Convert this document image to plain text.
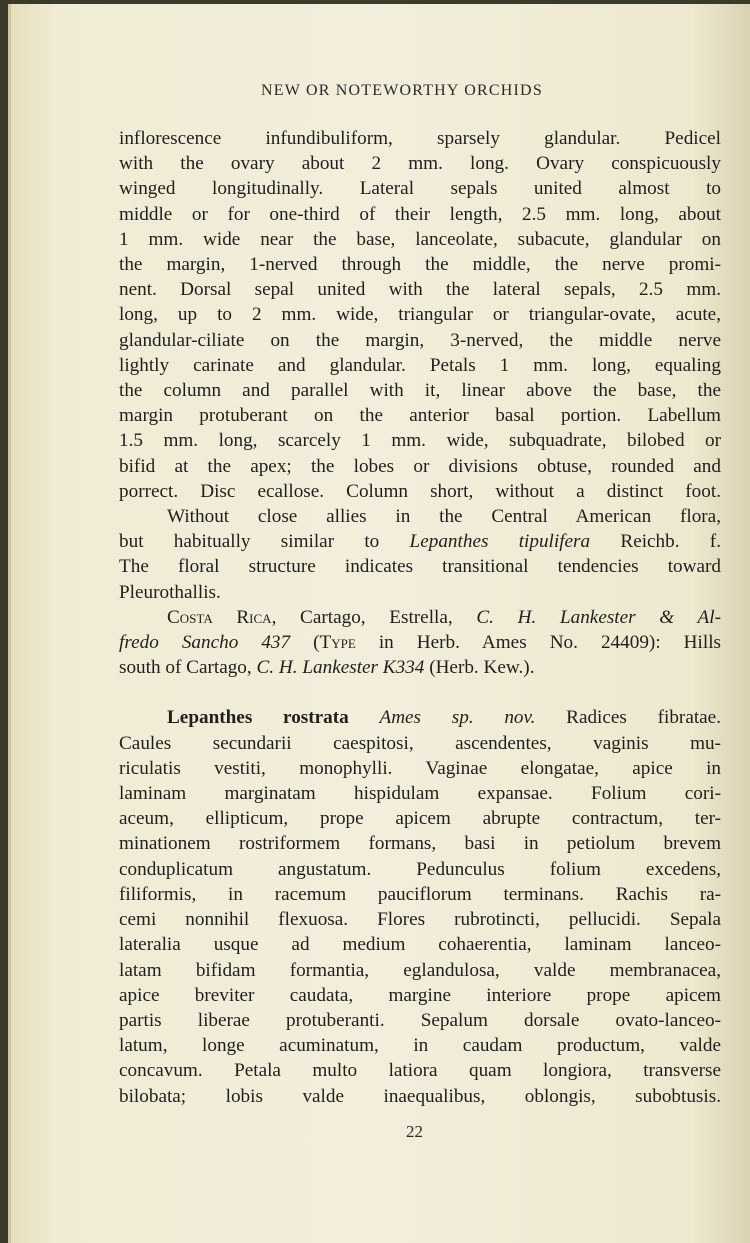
NEW OR NOTEWORTHY ORCHIDS
inflorescence infundibuliform, sparsely glandular. Pedicel
with the ovary about 2 mm. long. Ovary conspicuously
winged longitudinally. Lateral sepals united almost to
middle or for one-third of their length, 2.5 mm. long, about
1 mm. wide near the base, lanceolate, subacute, glandular on
the margin, 1-nerved through the middle, the nerve promi-
nent. Dorsal sepal united with the lateral sepals, 2.5 mm.
long, up to 2 mm. wide, triangular or triangular-ovate, acute,
glandular-ciliate on the margin, 3-nerved, the middle nerve
lightly carinate and glandular. Petals 1 mm. long, equaling
the column and parallel with it, linear above the base, the
margin protuberant on the anterior basal portion. Labellum
1.5 mm. long, scarcely 1 mm. wide, subquadrate, bilobed or
bifid at the apex; the lobes or divisions obtuse, rounded and
porrect. Disc ecallose. Column short, without a distinct foot.
Without close allies in the Central American flora,
but habitually similar to Lepanthes tipulifera Reichb. f.
The floral structure indicates transitional tendencies toward
Pleurothallis.
Costa Rica, Cartago, Estrella, C. H. Lankester & Al-
fredo Sancho 437 (Type in Herb. Ames No. 24409): Hills
south of Cartago, C. H. Lankester K334 (Herb. Kew.).
Lepanthes rostrata Ames sp. nov. Radices fibratae.
Caules secundarii caespitosi, ascendentes, vaginis mu-
riculatis vestiti, monophylli. Vaginae elongatae, apice in
laminam marginatam hispidulam expansae. Folium cori-
aceum, ellipticum, prope apicem abrupte contractum, ter-
minationem rostriformem formans, basi in petiolum brevem
conduplicatum angustatum. Pedunculus folium excedens,
filiformis, in racemum pauciflorum terminans. Rachis ra-
cemi nonnihil flexuosa. Flores rubrotincti, pellucidi. Sepala
lateralia usque ad medium cohaerentia, laminam lanceo-
latam bifidam formantia, eglandulosa, valde membranacea,
apice breviter caudata, margine interiore prope apicem
partis liberae protuberanti. Sepalum dorsale ovato-lanceo-
latum, longe acuminatum, in caudam productum, valde
concavum. Petala multo latiora quam longiora, transverse
bilobata; lobis valde inaequalibus, oblongis, subobtusis.
22
